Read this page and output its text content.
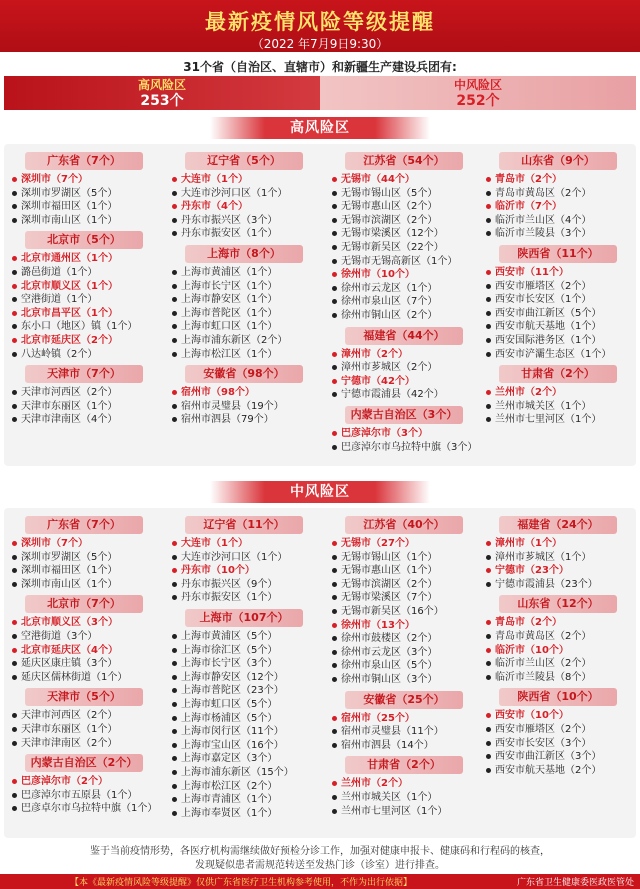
最新疫情风险等级提醒
（2022 年7月9日9:30）
31个省（自治区、直辖市）和新疆生产建设兵团有:
高风险区
253个
中风险区
252个
高风险区
广东省（7个）
深圳市（7个）
深圳市罗湖区（5个）
深圳市福田区（1个）
深圳市南山区（1个）
北京市（5个）
北京市通州区（1个）
潞邑街道（1个）
北京市顺义区（1个）
空港街道（1个）
北京市昌平区（1个）
东小口（地区）镇（1个）
北京市延庆区（2个）
八达岭镇（2个）
天津市（7个）
天津市河西区（2个）
天津市东丽区（1个）
天津市津南区（4个）
辽宁省（5个）
大连市（1个）
大连市沙河口区（1个）
丹东市（4个）
丹东市振兴区（3个）
丹东市振安区（1个）
上海市（8个）
上海市黄浦区（1个）
上海市长宁区（1个）
上海市静安区（1个）
上海市普陀区（1个）
上海市虹口区（1个）
上海市浦东新区（2个）
上海市松江区（1个）
安徽省（98个）
宿州市（98个）
宿州市灵璧县（19个）
宿州市泗县（79个）
江苏省（54个）
无锡市（44个）
无锡市锡山区（5个）
无锡市惠山区（2个）
无锡市滨湖区（2个）
无锡市梁溪区（12个）
无锡市新吴区（22个）
无锡市无锡高新区（1个）
徐州市（10个）
徐州市云龙区（1个）
徐州市泉山区（7个）
徐州市铜山区（2个）
福建省（44个）
漳州市（2个）
漳州市芗城区（2个）
宁德市（42个）
宁德市霞浦县（42个）
内蒙古自治区（3个）
巴彦淖尔市（3个）
巴彦淖尔市乌拉特中旗（3个）
山东省（9个）
青岛市（2个）
青岛市黄岛区（2个）
临沂市（7个）
临沂市兰山区（4个）
临沂市兰陵县（3个）
陕西省（11个）
西安市（11个）
西安市雁塔区（2个）
西安市长安区（1个）
西安市曲江新区（5个）
西安市航天基地（1个）
西安国际港务区（1个）
西安市浐灞生态区（1个）
甘肃省（2个）
兰州市（2个）
兰州市城关区（1个）
兰州市七里河区（1个）
中风险区
广东省（7个）
深圳市（7个）
深圳市罗湖区（5个）
深圳市福田区（1个）
深圳市南山区（1个）
北京市（7个）
北京市顺义区（3个）
空港街道（3个）
北京市延庆区（4个）
延庆区康庄镇（3个）
延庆区儒林街道（1个）
天津市（5个）
天津市河西区（2个）
天津市东丽区（1个）
天津市津南区（2个）
内蒙古自治区（2个）
巴彦淖尔市（2个）
巴彦淖尔市五原县（1个）
巴彦卓尔市乌拉特中旗（1个）
辽宁省（11个）
大连市（1个）
大连市沙河口区（1个）
丹东市（10个）
丹东市振兴区（9个）
丹东市振安区（1个）
上海市（107个）
上海市黄浦区（5个）
上海市徐汇区（5个）
上海市长宁区（3个）
上海市静安区（12个）
上海市普陀区（23个）
上海市虹口区（5个）
上海市杨浦区（5个）
上海市闵行区（11个）
上海市宝山区（16个）
上海市嘉定区（3个）
上海市浦东新区（15个）
上海市松江区（2个）
上海市青浦区（1个）
上海市奉贤区（1个）
江苏省（40个）
无锡市（27个）
无锡市锡山区（1个）
无锡市惠山区（1个）
无锡市滨湖区（2个）
无锡市梁溪区（7个）
无锡市新吴区（16个）
徐州市（13个）
徐州市鼓楼区（2个）
徐州市云龙区（3个）
徐州市泉山区（5个）
徐州市铜山区（3个）
安徽省（25个）
宿州市（25个）
宿州市灵璧县（11个）
宿州市泗县（14个）
甘肃省（2个）
兰州市（2个）
兰州市城关区（1个）
兰州市七里河区（1个）
福建省（24个）
漳州市（1个）
漳州市芗城区（1个）
宁德市（23个）
宁德市霞浦县（23个）
山东省（12个）
青岛市（2个）
青岛市黄岛区（2个）
临沂市（10个）
临沂市兰山区（2个）
临沂市兰陵县（8个）
陕西省（10个）
西安市（10个）
西安市雁塔区（2个）
西安市长安区（3个）
西安市曲江新区（3个）
西安市航天基地（2个）
鉴于当前疫情形势，各医疗机构需继续做好预检分诊工作，加强对健康申报卡、健康码和行程码的核查，
发现疑似患者需规范转送至发热门诊（诊室）进行排查。
【本《最新疫情风险等级提醒》仅供广东省医疗卫生机构参考使用，不作为出行依据】	广东省卫生健康委医政医管处
